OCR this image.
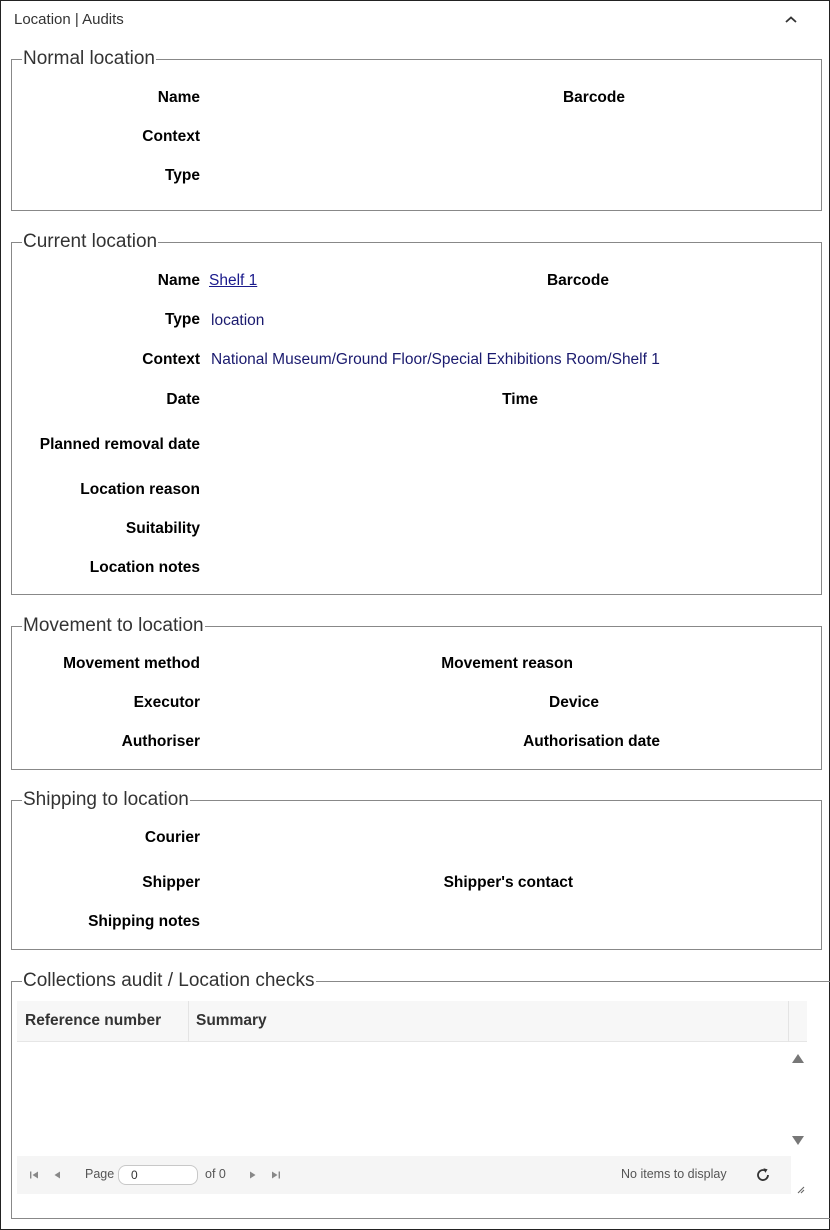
Location | Audits
Normal location
Name	Barcode
Context
Type
Current location
Name Shelf 1	Barcode
Type location
Context National Museum/Ground Floor/Special Exhibitions Room/Shelf 1
Date	Time
Planned removal date
Location reason
Suitability
Location notes
Movement to location
Movement method	Movement reason
Executor	Device
Authoriser	Authorisation date
Shipping to location
Courier
Shipper	Shipper's contact
Shipping notes
Collections audit / Location checks
Reference number Summary
Page
0	of 0	No items to display
